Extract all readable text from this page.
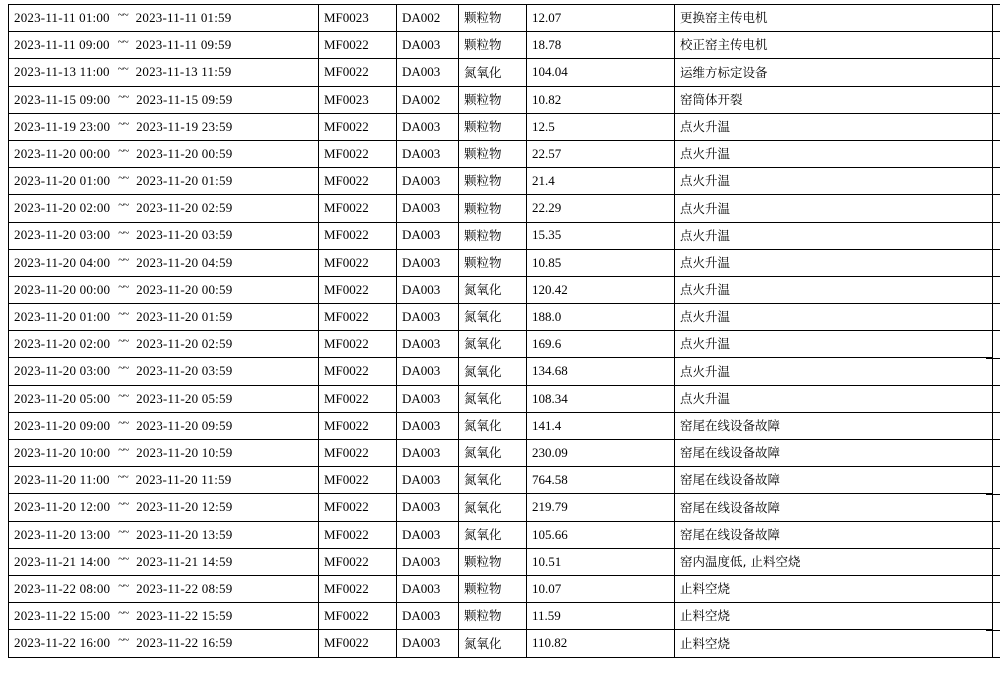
2023-11-11 01:00 ~~ 2023-11-11 01:59	MF0023	DA002	颗粒物	12.07	更换窑主传电机

2023-11-11 09:00 ~~ 2023-11-11 09:59	MF0022	DA003	颗粒物	18.78	校正窑主传电机

2023-11-13 11:00 ~~ 2023-11-13 11:59	MF0022	DA003	氮氧化	104.04	运维方标定设备

2023-11-15 09:00 ~~ 2023-11-15 09:59	MF0023	DA002	颗粒物	10.82	窑筒体开裂

2023-11-19 23:00 ~~ 2023-11-19 23:59	MF0022	DA003	颗粒物	12.5	点火升温

2023-11-20 00:00 ~~ 2023-11-20 00:59	MF0022	DA003	颗粒物	22.57	点火升温

2023-11-20 01:00 ~~ 2023-11-20 01:59	MF0022	DA003	颗粒物	21.4	点火升温

2023-11-20 02:00 ~~ 2023-11-20 02:59	MF0022	DA003	颗粒物	22.29	点火升温

2023-11-20 03:00 ~~ 2023-11-20 03:59	MF0022	DA003	颗粒物	15.35	点火升温

2023-11-20 04:00 ~~ 2023-11-20 04:59	MF0022	DA003	颗粒物	10.85	点火升温

2023-11-20 00:00 ~~ 2023-11-20 00:59	MF0022	DA003	氮氧化	120.42	点火升温

2023-11-20 01:00 ~~ 2023-11-20 01:59	MF0022	DA003	氮氧化	188.0	点火升温

2023-11-20 02:00 ~~ 2023-11-20 02:59	MF0022	DA003	氮氧化	169.6	点火升温

2023-11-20 03:00 ~~ 2023-11-20 03:59	MF0022	DA003	氮氧化	134.68	点火升温

2023-11-20 05:00 ~~ 2023-11-20 05:59	MF0022	DA003	氮氧化	108.34	点火升温

2023-11-20 09:00 ~~ 2023-11-20 09:59	MF0022	DA003	氮氧化	141.4	窑尾在线设备故障

2023-11-20 10:00 ~~ 2023-11-20 10:59	MF0022	DA003	氮氧化	230.09	窑尾在线设备故障

2023-11-20 11:00 ~~ 2023-11-20 11:59	MF0022	DA003	氮氧化	764.58	窑尾在线设备故障

2023-11-20 12:00 ~~ 2023-11-20 12:59	MF0022	DA003	氮氧化	219.79	窑尾在线设备故障

2023-11-20 13:00 ~~ 2023-11-20 13:59	MF0022	DA003	氮氧化	105.66	窑尾在线设备故障

2023-11-21 14:00 ~~ 2023-11-21 14:59	MF0022	DA003	颗粒物	10.51	窑内温度低, 止料空烧

2023-11-22 08:00 ~~ 2023-11-22 08:59	MF0022	DA003	颗粒物	10.07	止料空烧

2023-11-22 15:00 ~~ 2023-11-22 15:59	MF0022	DA003	颗粒物	11.59	止料空烧

2023-11-22 16:00 ~~ 2023-11-22 16:59	MF0022	DA003	氮氧化	110.82	止料空烧
